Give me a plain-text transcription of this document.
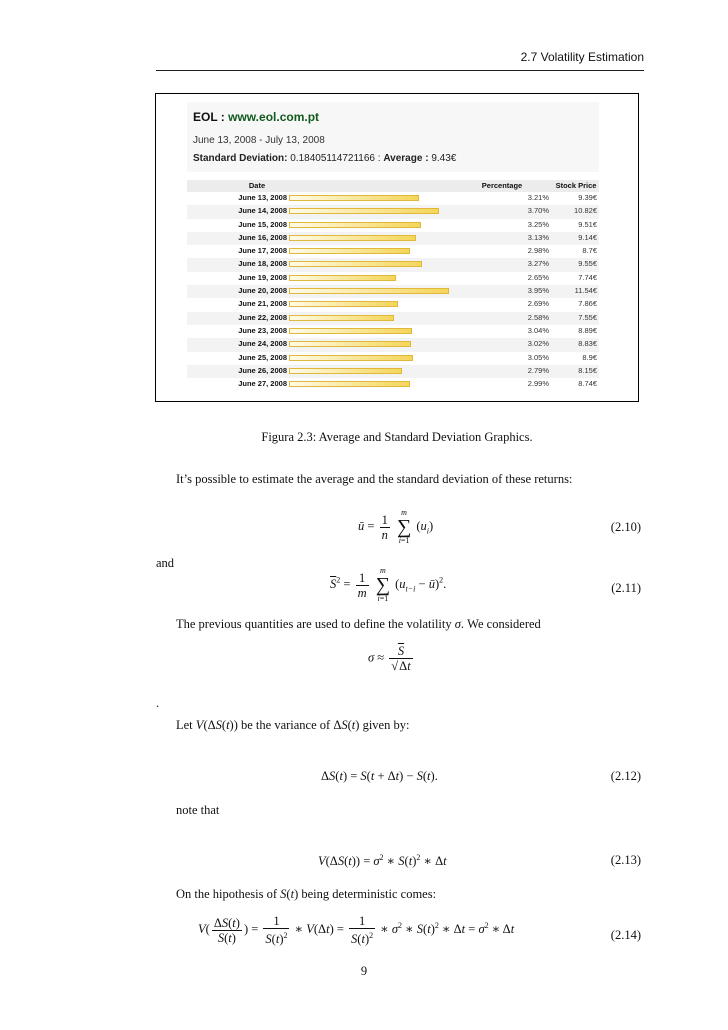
2.7 Volatility Estimation
EOL : www.eol.com.pt
June 13, 2008 - July 13, 2008
Standard Deviation: 0.18405114721166 : Average : 9.43€
Date	Percentage	Stock Price
June 13, 2008	3.21%	9.39€
June 14, 2008	3.70%	10.82€
June 15, 2008	3.25%	9.51€
June 16, 2008	3.13%	9.14€
June 17, 2008	2.98%	8.7€
June 18, 2008	3.27%	9.55€
June 19, 2008	2.65%	7.74€
June 20, 2008	3.95%	11.54€
June 21, 2008	2.69%	7.86€
June 22, 2008	2.58%	7.55€
June 23, 2008	3.04%	8.89€
June 24, 2008	3.02%	8.83€
June 25, 2008	3.05%	8.9€
June 26, 2008	2.79%	8.15€
June 27, 2008	2.99%	8.74€
Figura 2.3: Average and Standard Deviation Graphics.
It’s possible to estimate the average and the standard deviation of these returns:
ū = $\frac{1}{n}$
	m
∑
i=1
$(u_i)$	(2.10)
and
$\overline{S}^2 = \frac{1}{m}$
	m
∑
i=1
($u_{t-i}$ − ū)$^2$.	(2.11)
The previous quantities are used to define the volatility σ. We considered
$\sigma \approx \frac{\overline{S}}{√\Delta t}$
.
Let V(ΔS(t)) be the variance of ΔS(t) given by:
ΔS(t) = S(t + Δt) − S(t).	(2.12)
note that
$V(\Delta S(t)) = \sigma^2$ ∗ $S(t)^2$ ∗ Δt	(2.13)
On the hipothesis of S(t) being deterministic comes:
$V( \frac{\Delta S(t)}{S(t)}$ ) = $\frac{1}{S(t)^2}$ ∗ $V(\Delta t) = \frac{1}{S(t)^2}$ ∗ $\sigma^2$ ∗ $S(t)^2$ ∗ $\Delta t = \sigma^2$ ∗ Δt	(2.14)
9
